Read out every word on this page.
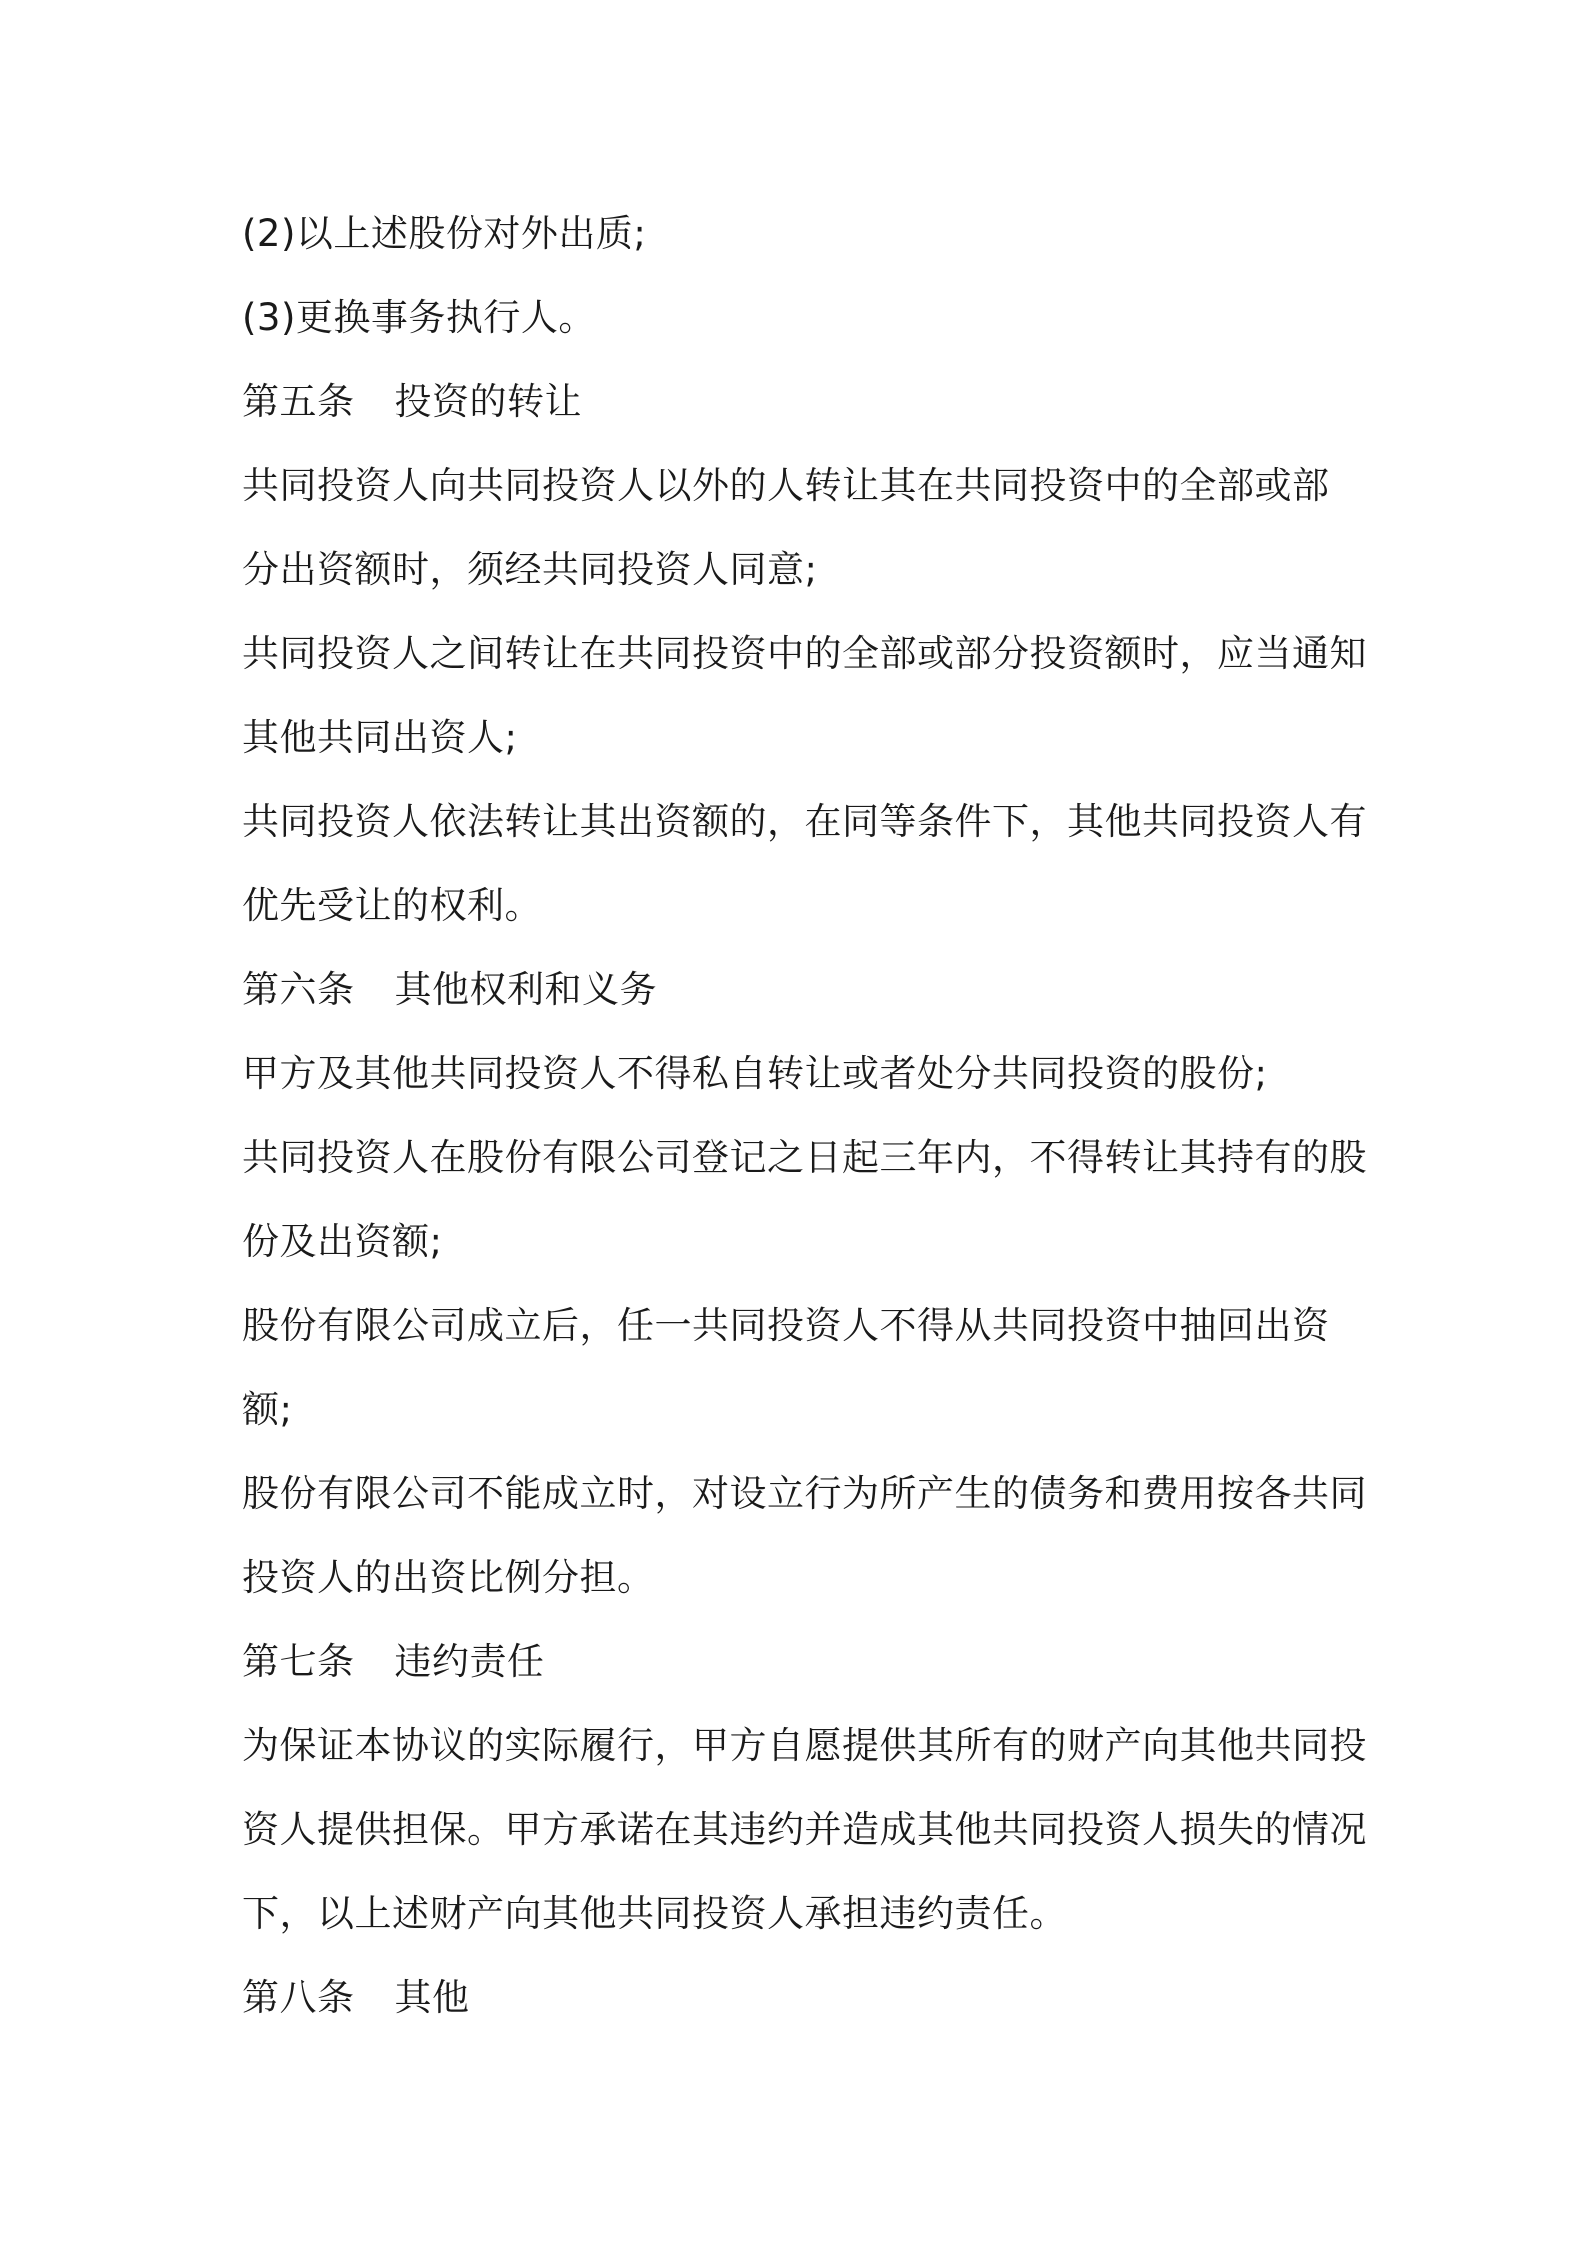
(2)以上述股份对外出质;
(3)更换事务执行人。
第五条 投资的转让
共同投资人向共同投资人以外的人转让其在共同投资中的全部或部
分出资额时，须经共同投资人同意;
共同投资人之间转让在共同投资中的全部或部分投资额时，应当通知
其他共同出资人;
共同投资人依法转让其出资额的，在同等条件下，其他共同投资人有
优先受让的权利。
第六条 其他权利和义务
甲方及其他共同投资人不得私自转让或者处分共同投资的股份;
共同投资人在股份有限公司登记之日起三年内，不得转让其持有的股
份及出资额;
股份有限公司成立后，任一共同投资人不得从共同投资中抽回出资
额;
股份有限公司不能成立时，对设立行为所产生的债务和费用按各共同
投资人的出资比例分担。
第七条 违约责任
为保证本协议的实际履行，甲方自愿提供其所有的财产向其他共同投
资人提供担保。甲方承诺在其违约并造成其他共同投资人损失的情况
下，以上述财产向其他共同投资人承担违约责任。
第八条 其他
